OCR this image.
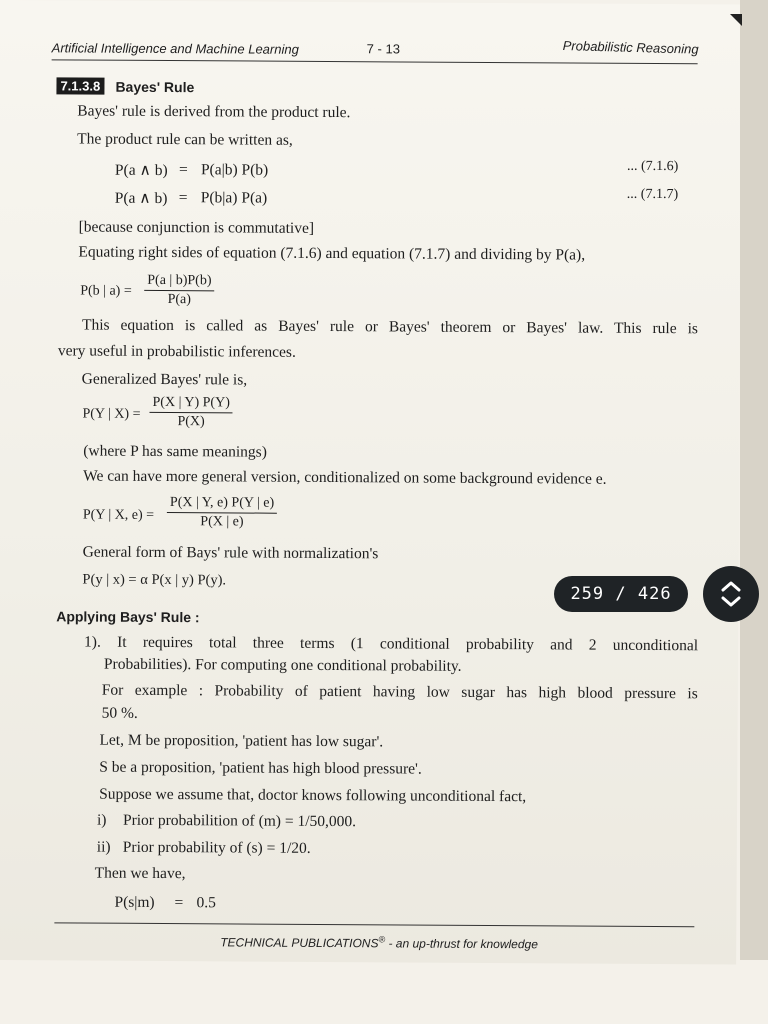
Artificial Intelligence and Machine Learning	7 - 13	Probabilistic Reasoning
7.1.3.8 Bayes' Rule
Bayes' rule is derived from the product rule.
The product rule can be written as,
P(a ∧ b) = P(a|b) P(b)	... (7.1.6)
P(a ∧ b) = P(b|a) P(a)	... (7.1.7)
[because conjunction is commutative]
Equating right sides of equation (7.1.6) and equation (7.1.7) and dividing by P(a),
P(b | $a) = \frac{P(a | b)P(b)}{P(a)}$
This equation is called as Bayes' rule or Bayes' theorem or Bayes' law. This rule is
very useful in probabilistic inferences.
Generalized Bayes' rule is,
P(Y | $X) = \frac{P(X | Y) P(Y)}{P(X)}$
(where P has same meanings)
We can have more general version, conditionalized on some background evidence e.
P(Y | X, $e) = \frac{P(X | Y, e) P(Y | e)}{P(X | e)}$
General form of Bays' rule with normalization's
P(y | x) = α P(x | y) P(y).
Applying Bays' Rule :
1). It requires total three terms (1 conditional probability and 2 unconditional
Probabilities). For computing one conditional probability.
For example : Probability of patient having low sugar has high blood pressure is
50 %.
Let, M be proposition, 'patient has low sugar'.
S be a proposition, 'patient has high blood pressure'.
Suppose we assume that, doctor knows following unconditional fact,
i) Prior probabilition of (m) = 1/50,000.
ii) Prior probability of (s) = 1/20.
Then we have,
P(s|m) = 0.5
TECHNICAL PUBLICATIONS® - an up-thrust for knowledge
259 / 426
